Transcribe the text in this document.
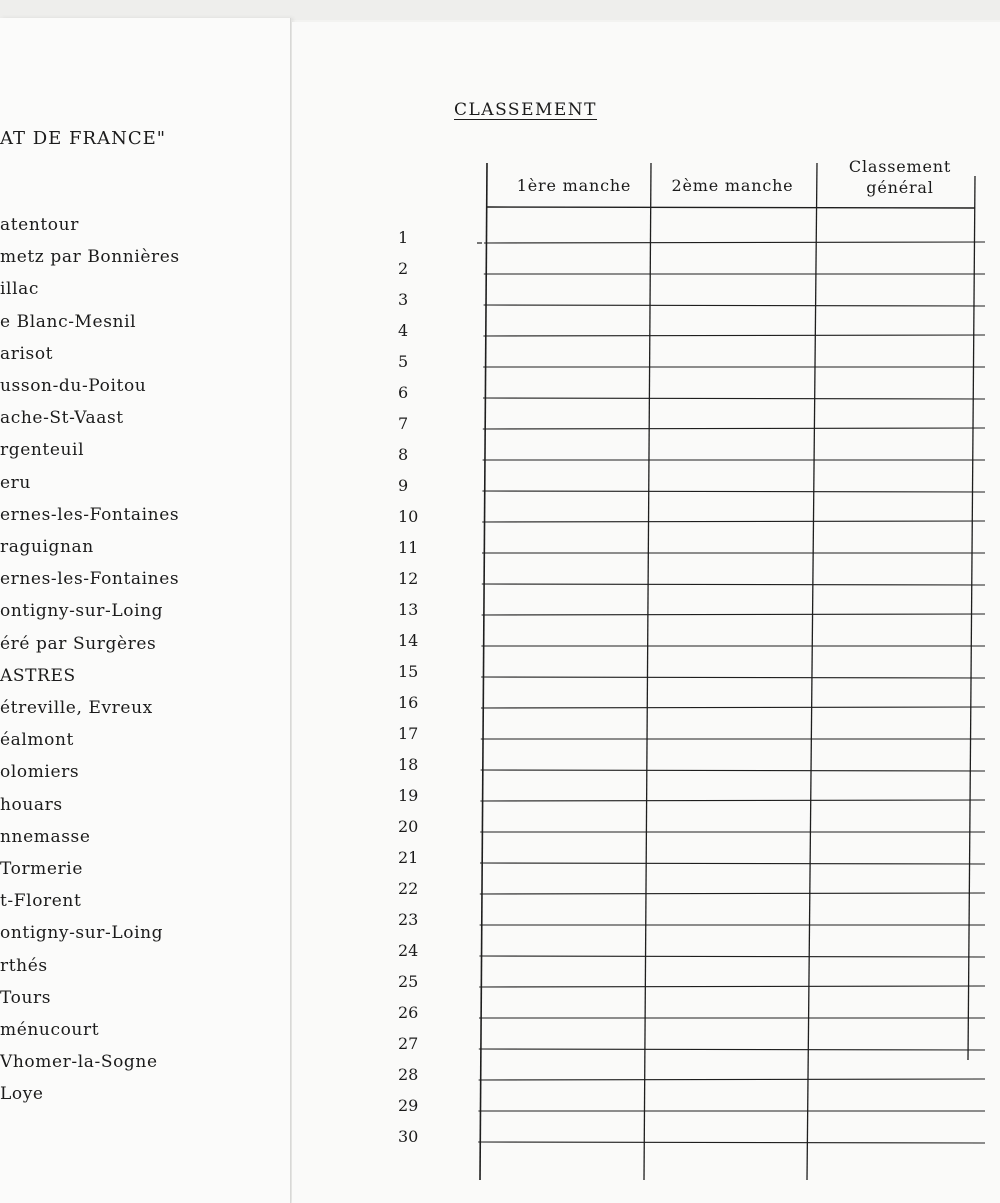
AT DE FRANCE"
atentour
metz par Bonnières
illac
e Blanc-Mesnil
arisot
usson-du-Poitou
ache-St-Vaast
rgenteuil
eru
ernes-les-Fontaines
raguignan
ernes-les-Fontaines
ontigny-sur-Loing
éré par Surgères
ASTRES
étreville, Evreux
éalmont
olomiers
houars
nnemasse
Tormerie
t-Florent
ontigny-sur-Loing
rthés
Tours
ménucourt
Vhomer-la-Sogne
Loye
CLASSEMENT
1ère manche	2ème manche
Classement
général
1
2
3
4
5
6
7
8
9
10
11
12
13
14
15
16
17
18
19
20
21
22
23
24
25
26
27
28
29
30
